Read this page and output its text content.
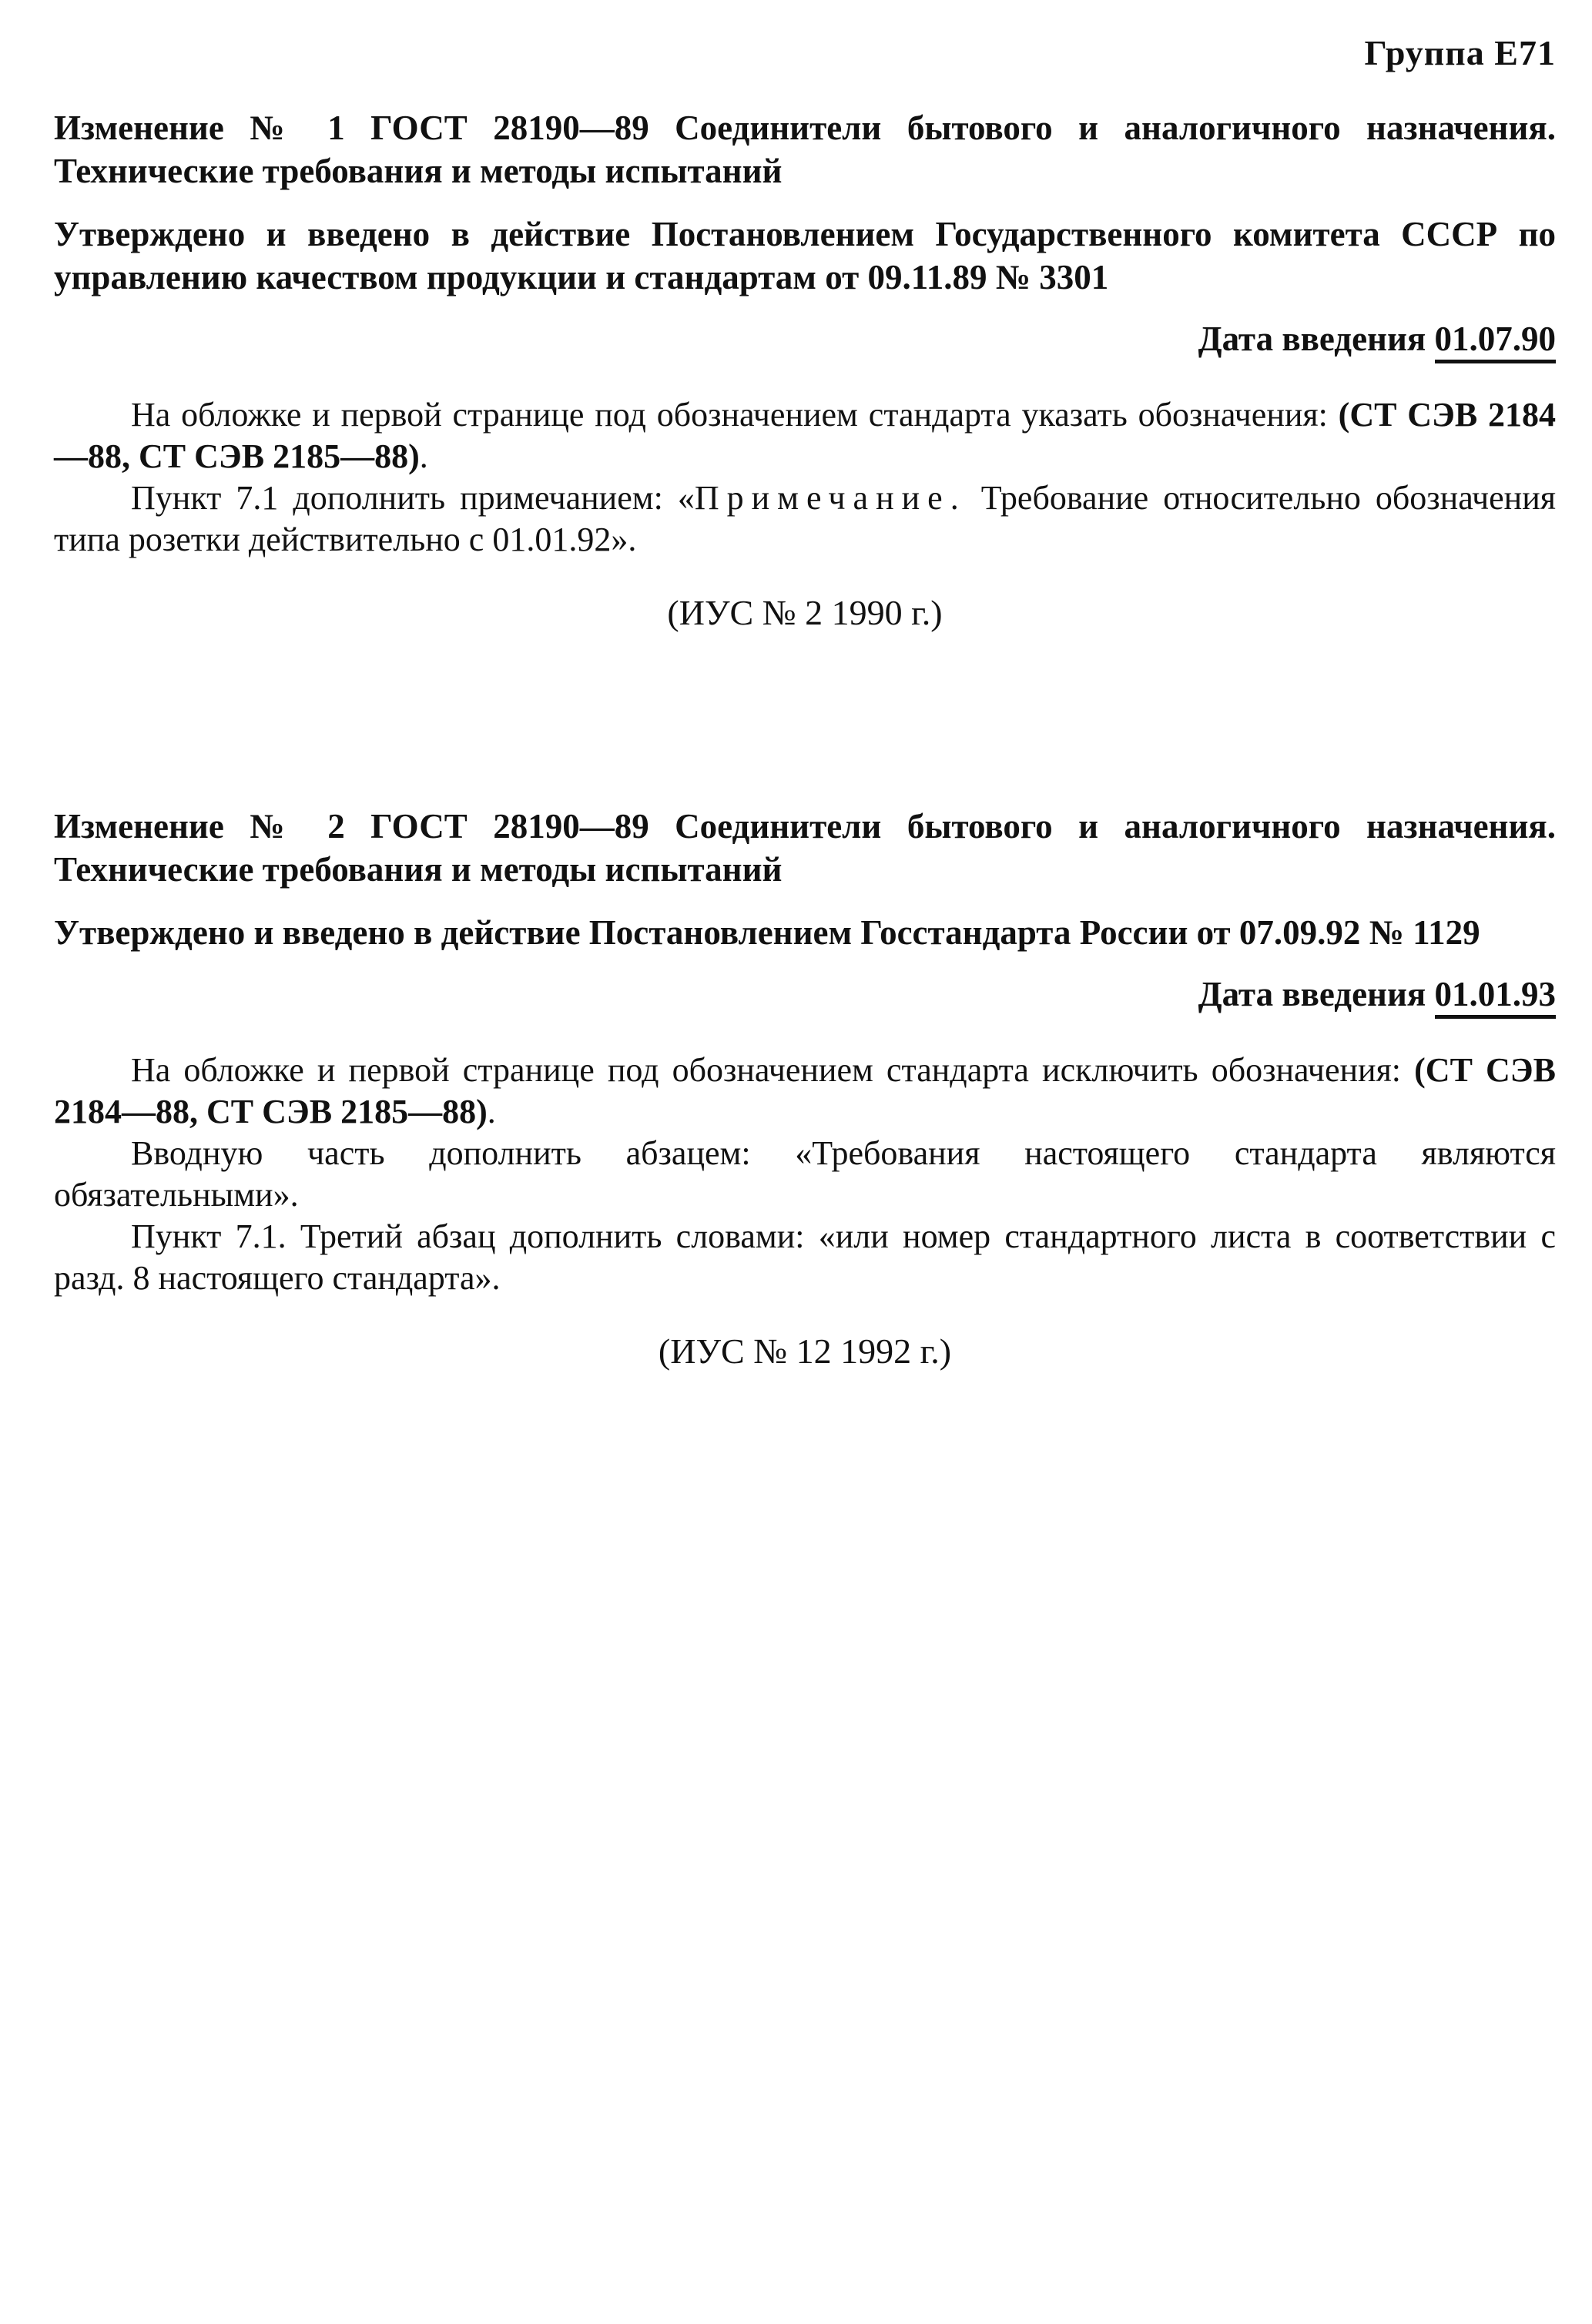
Группа Е71

Изменение № 1 ГОСТ 28190—89 Соединители бытового и аналогичного назначения. Технические требования и методы испытаний

Утверждено и введено в действие Постановлением Государственного комитета СССР по управлению качеством продукции и стандартам от 09.11.89 № 3301

Дата введения 01.07.90

На обложке и первой странице под обозначением стандарта указать обозначения: (СТ СЭВ 2184—88, СТ СЭВ 2185—88).

Пункт 7.1 дополнить примечанием: «Примечание. Требование относительно обозначения типа розетки действительно с 01.01.92».

(ИУС № 2 1990 г.)

Изменение № 2 ГОСТ 28190—89 Соединители бытового и аналогичного назначения. Технические требования и методы испытаний

Утверждено и введено в действие Постановлением Госстандарта России от 07.09.92 № 1129

Дата введения 01.01.93

На обложке и первой странице под обозначением стандарта исключить обозначения: (СТ СЭВ 2184—88, СТ СЭВ 2185—88).

Вводную часть дополнить абзацем: «Требования настоящего стандарта являются обязательными».

Пункт 7.1. Третий абзац дополнить словами: «или номер стандартного листа в соответствии с разд. 8 настоящего стандарта».

(ИУС № 12 1992 г.)
